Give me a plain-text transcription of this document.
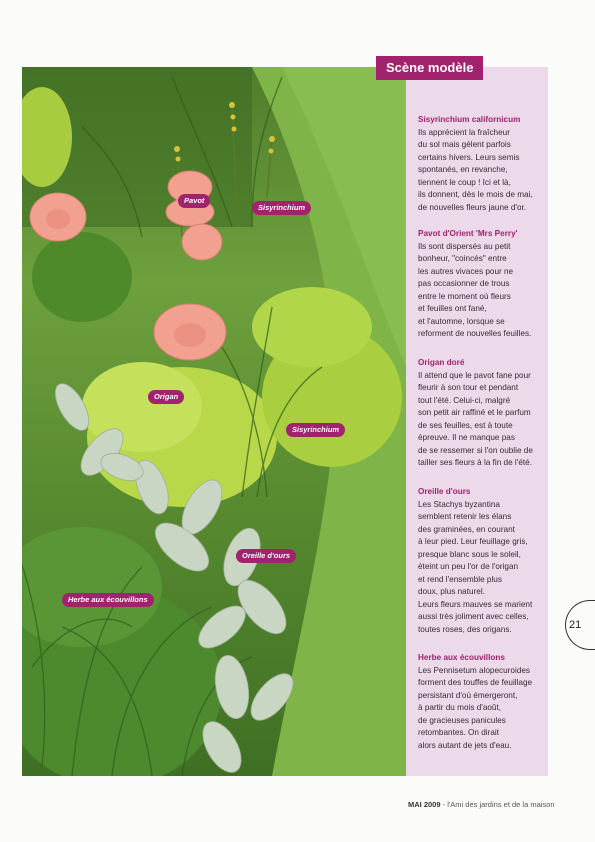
Pavot
Sisyrinchium
Origan
Sisyrinchium
Oreille d'ours
Herbe aux écouvillons
Scène modèle
Sisyrinchium californicum

Ils apprécient la fraîcheur

du sol mais gèlent parfois

certains hivers. Leurs semis

spontanés, en revanche,

tiennent le coup ! Ici et là,

ils donnent, dès le mois de mai,

de nouvelles fleurs jaune d'or.

Pavot d'Orient 'Mrs Perry'

Ils sont dispersés au petit

bonheur, "coincés" entre

les autres vivaces pour ne

pas occasionner de trous

entre le moment où fleurs

et feuilles ont fané,

et l'automne, lorsque se

reforment de nouvelles feuilles.

Origan doré

Il attend que le pavot fane pour

fleurir à son tour et pendant

tout l'été. Celui-ci, malgré

son petit air raffiné et le parfum

de ses feuilles, est à toute

épreuve. Il ne manque pas

de se ressemer si l'on oublie de

tailler ses fleurs à la fin de l'été.

Oreille d'ours

Les Stachys byzantina

semblent retenir les élans

des graminées, en courant

à leur pied. Leur feuillage gris,

presque blanc sous le soleil,

éteint un peu l'or de l'origan

et rend l'ensemble plus

doux, plus naturel.

Leurs fleurs mauves se marient

aussi très joliment avec celles,

toutes roses, des origans.

Herbe aux écouvillons

Les Pennisetum alopecuroides

forment des touffes de feuillage

persistant d'où émergeront,

à partir du mois d'août,

de gracieuses panicules

retombantes. On dirait

alors autant de jets d'eau.

21
MAI 2009 - l'Ami des jardins et de la maison
